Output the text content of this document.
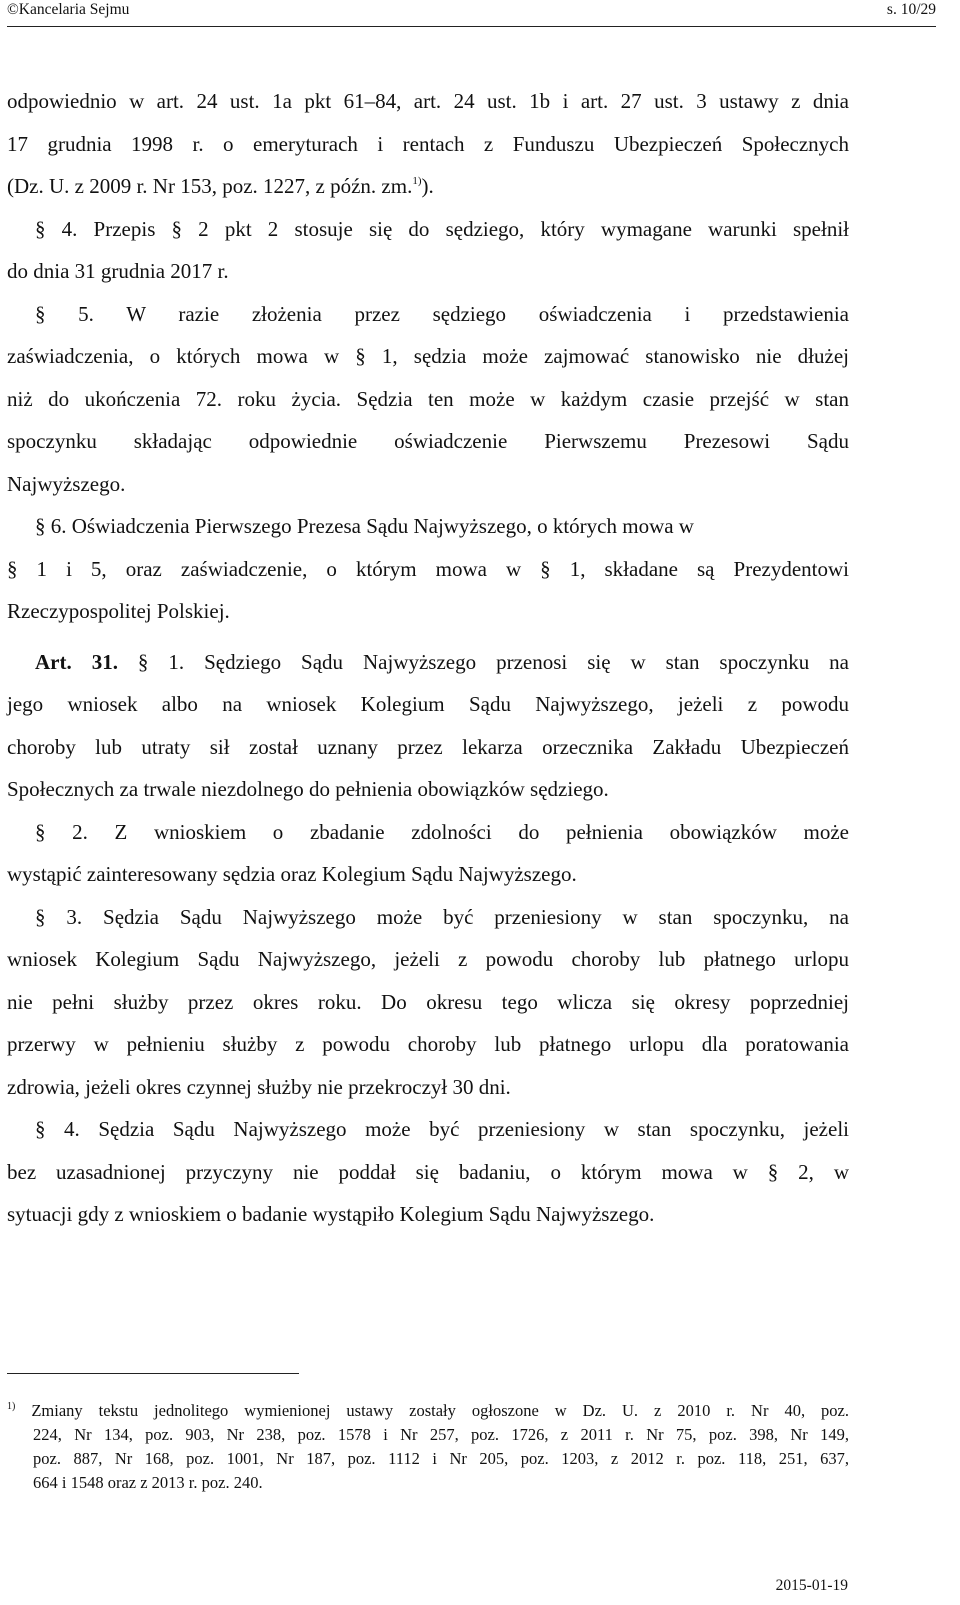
©Kancelaria Sejmu	s. 10/29
odpowiednio w art. 24 ust. 1a pkt 61–84, art. 24 ust. 1b i art. 27 ust. 3 ustawy z dnia
17 grudnia 1998 r. o emeryturach i rentach z Funduszu Ubezpieczeń Społecznych
(Dz. U. z 2009 r. Nr 153, poz. 1227, z późn. zm.$^{1)}$).
§ 4. Przepis § 2 pkt 2 stosuje się do sędziego, który wymagane warunki spełnił
do dnia 31 grudnia 2017 r.
§ 5. W razie złożenia przez sędziego oświadczenia i przedstawienia
zaświadczenia, o których mowa w § 1, sędzia może zajmować stanowisko nie dłużej
niż do ukończenia 72. roku życia. Sędzia ten może w każdym czasie przejść w stan
spoczynku składając odpowiednie oświadczenie Pierwszemu Prezesowi Sądu
Najwyższego.
§ 6. Oświadczenia Pierwszego Prezesa Sądu Najwyższego, o których mowa w
§ 1 i 5, oraz zaświadczenie, o którym mowa w § 1, składane są Prezydentowi
Rzeczypospolitej Polskiej.
Art. 31. § 1. Sędziego Sądu Najwyższego przenosi się w stan spoczynku na
jego wniosek albo na wniosek Kolegium Sądu Najwyższego, jeżeli z powodu
choroby lub utraty sił został uznany przez lekarza orzecznika Zakładu Ubezpieczeń
Społecznych za trwale niezdolnego do pełnienia obowiązków sędziego.
§ 2. Z wnioskiem o zbadanie zdolności do pełnienia obowiązków może
wystąpić zainteresowany sędzia oraz Kolegium Sądu Najwyższego.
§ 3. Sędzia Sądu Najwyższego może być przeniesiony w stan spoczynku, na
wniosek Kolegium Sądu Najwyższego, jeżeli z powodu choroby lub płatnego urlopu
nie pełni służby przez okres roku. Do okresu tego wlicza się okresy poprzedniej
przerwy w pełnieniu służby z powodu choroby lub płatnego urlopu dla poratowania
zdrowia, jeżeli okres czynnej służby nie przekroczył 30 dni.
§ 4. Sędzia Sądu Najwyższego może być przeniesiony w stan spoczynku, jeżeli
bez uzasadnionej przyczyny nie poddał się badaniu, o którym mowa w § 2, w
sytuacji gdy z wnioskiem o badanie wystąpiło Kolegium Sądu Najwyższego.
$^{1)}$ Zmiany tekstu jednolitego wymienionej ustawy zostały ogłoszone w Dz. U. z 2010 r. Nr 40, poz.
224, Nr 134, poz. 903, Nr 238, poz. 1578 i Nr 257, poz. 1726, z 2011 r. Nr 75, poz. 398, Nr 149,
poz. 887, Nr 168, poz. 1001, Nr 187, poz. 1112 i Nr 205, poz. 1203, z 2012 r. poz. 118, 251, 637,
664 i 1548 oraz z 2013 r. poz. 240.
2015-01-19
